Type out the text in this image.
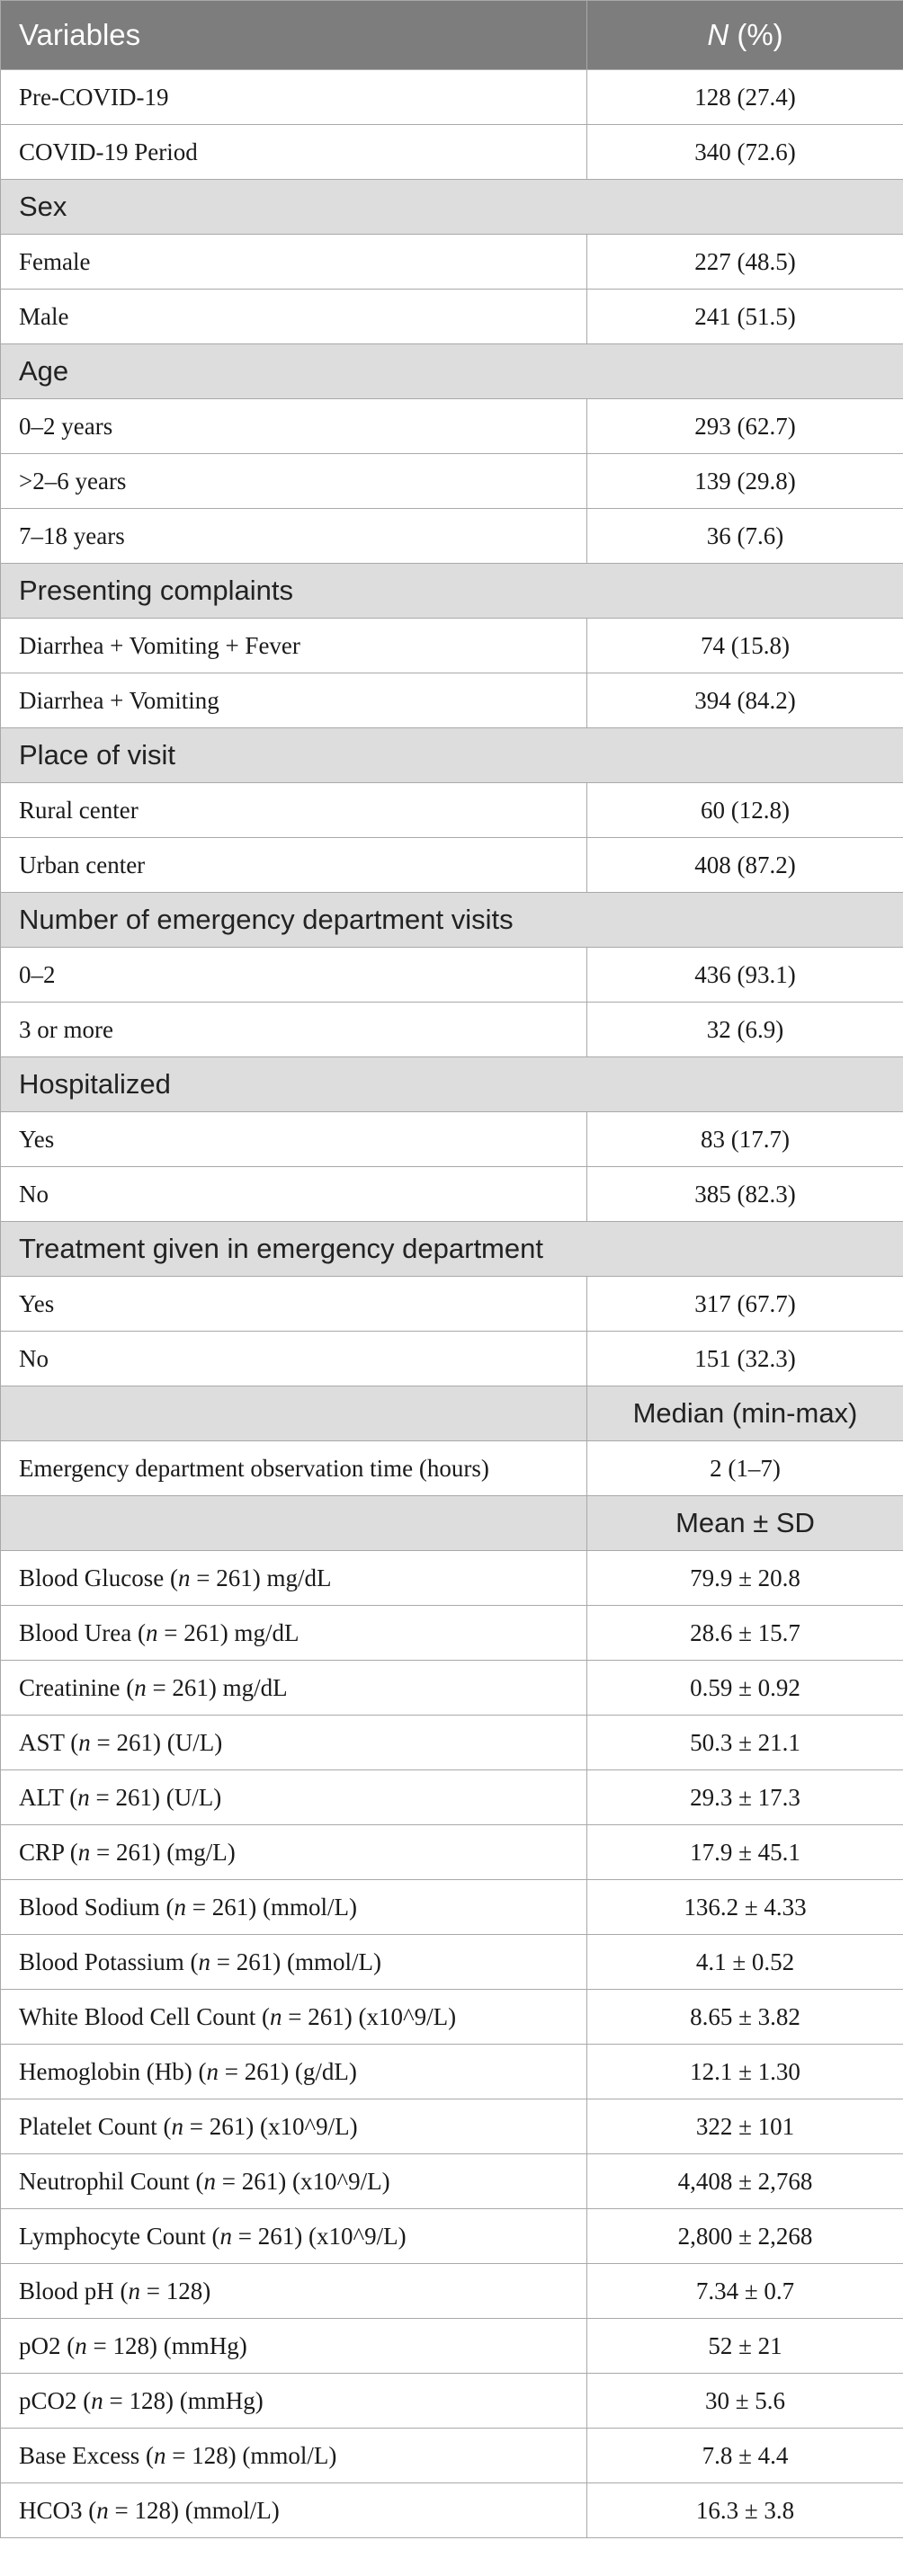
Variables	N (%)
Pre-COVID-19	128 (27.4)
COVID-19 Period	340 (72.6)
Sex	
Female	227 (48.5)
Male	241 (51.5)
Age	
0–2 years	293 (62.7)
>2–6 years	139 (29.8)
7–18 years	36 (7.6)
Presenting complaints	
Diarrhea + Vomiting + Fever	74 (15.8)
Diarrhea + Vomiting	394 (84.2)
Place of visit	
Rural center	60 (12.8)
Urban center	408 (87.2)
Number of emergency department visits	
0–2	436 (93.1)
3 or more	32 (6.9)
Hospitalized	
Yes	83 (17.7)
No	385 (82.3)
Treatment given in emergency department	
Yes	317 (67.7)
No	151 (32.3)
	Median (min-max)
Emergency department observation time (hours)	2 (1–7)
	Mean ± SD
Blood Glucose (n = 261) mg/dL	79.9 ± 20.8
Blood Urea (n = 261) mg/dL	28.6 ± 15.7
Creatinine (n = 261) mg/dL	0.59 ± 0.92
AST (n = 261) (U/L)	50.3 ± 21.1
ALT (n = 261) (U/L)	29.3 ± 17.3
CRP (n = 261) (mg/L)	17.9 ± 45.1
Blood Sodium (n = 261) (mmol/L)	136.2 ± 4.33
Blood Potassium (n = 261) (mmol/L)	4.1 ± 0.52
White Blood Cell Count (n = 261) (x10^9/L)	8.65 ± 3.82
Hemoglobin (Hb) (n = 261) (g/dL)	12.1 ± 1.30
Platelet Count (n = 261) (x10^9/L)	322 ± 101
Neutrophil Count (n = 261) (x10^9/L)	4,408 ± 2,768
Lymphocyte Count (n = 261) (x10^9/L)	2,800 ± 2,268
Blood pH (n = 128)	7.34 ± 0.7
pO2 (n = 128) (mmHg)	52 ± 21
pCO2 (n = 128) (mmHg)	30 ± 5.6
Base Excess (n = 128) (mmol/L)	7.8 ± 4.4
HCO3 (n = 128) (mmol/L)	16.3 ± 3.8
